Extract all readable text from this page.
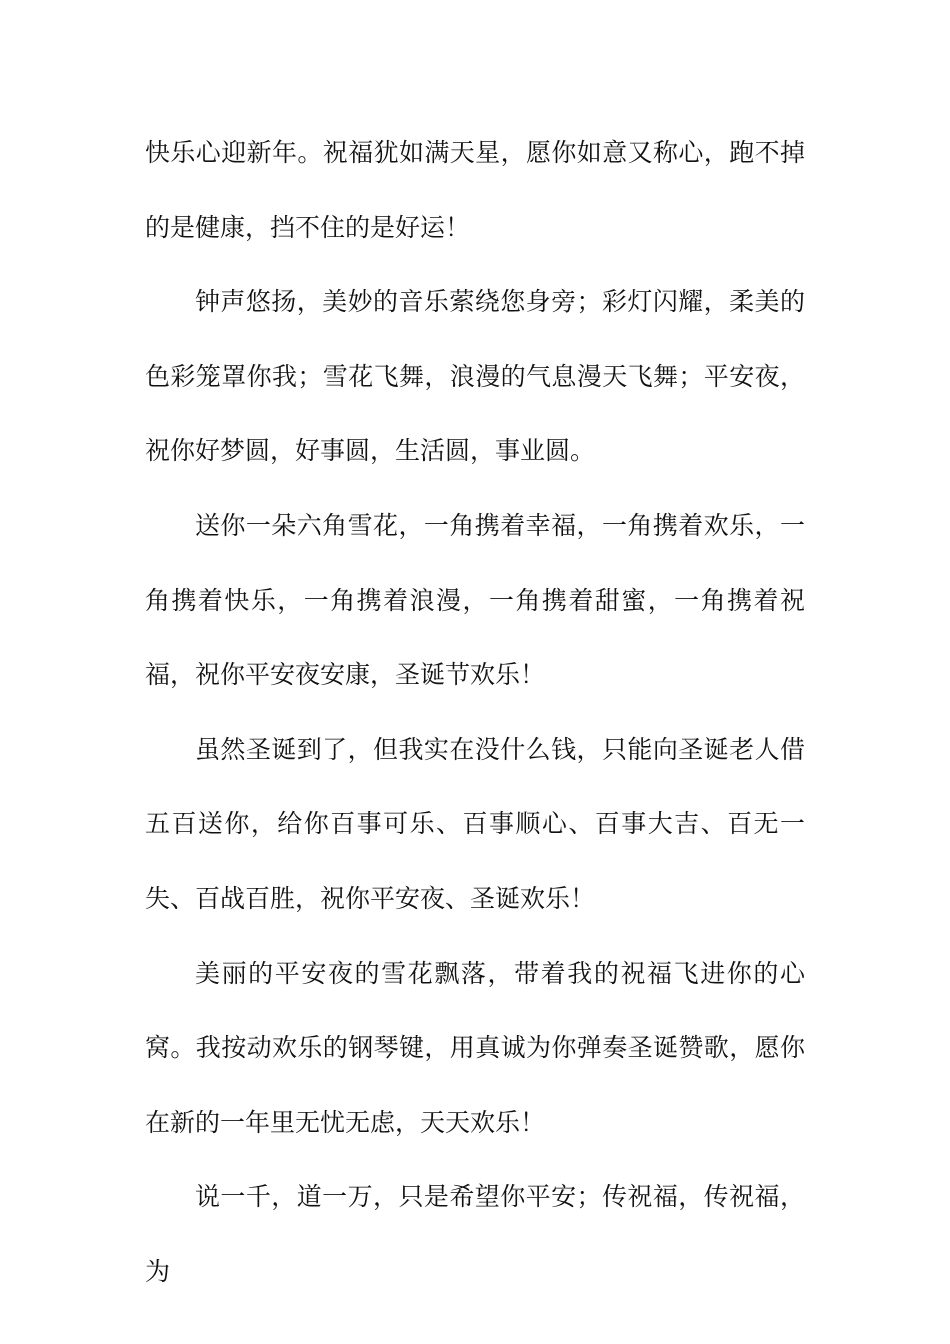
快乐心迎新年。祝福犹如满天星，愿你如意又称心，跑不掉的是健康，挡不住的是好运！

钟声悠扬，美妙的音乐萦绕您身旁；彩灯闪耀，柔美的色彩笼罩你我；雪花飞舞，浪漫的气息漫天飞舞；平安夜，祝你好梦圆，好事圆，生活圆，事业圆。

送你一朵六角雪花，一角携着幸福，一角携着欢乐，一角携着快乐，一角携着浪漫，一角携着甜蜜，一角携着祝福，祝你平安夜安康，圣诞节欢乐！

虽然圣诞到了，但我实在没什么钱，只能向圣诞老人借五百送你，给你百事可乐、百事顺心、百事大吉、百无一失、百战百胜，祝你平安夜、圣诞欢乐！

美丽的平安夜的雪花飘落，带着我的祝福飞进你的心窝。我按动欢乐的钢琴键，用真诚为你弹奏圣诞赞歌，愿你在新的一年里无忧无虑，天天欢乐！

说一千，道一万，只是希望你平安；传祝福，传祝福，为
